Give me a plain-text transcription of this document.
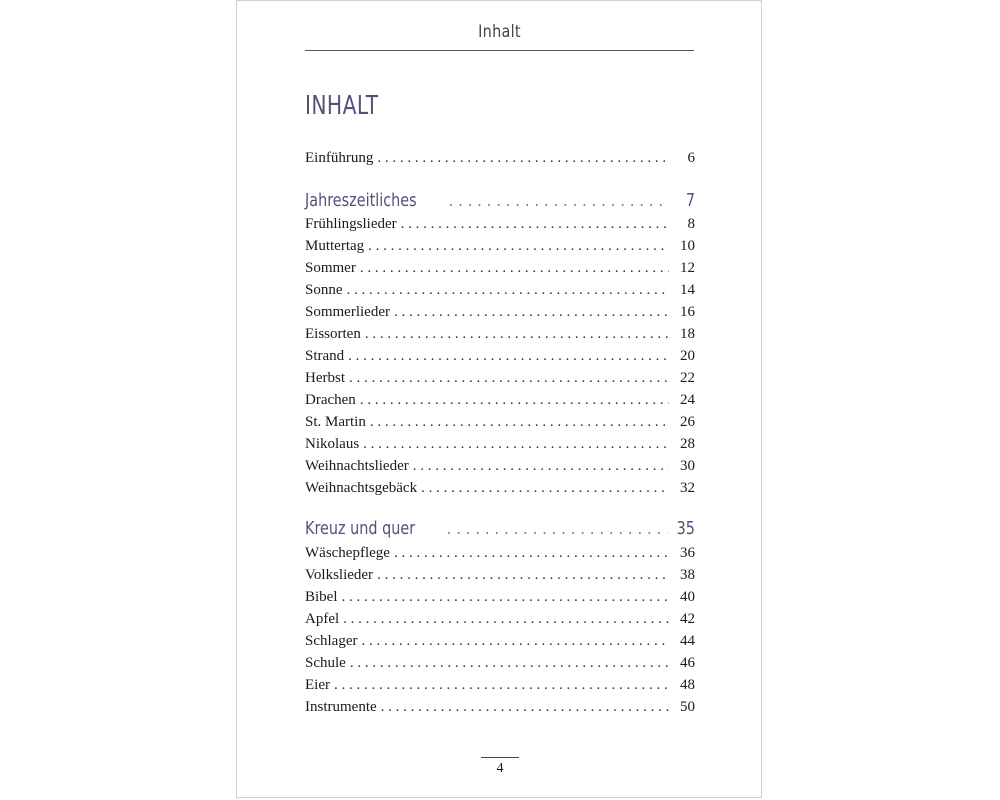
Inhalt
INHALT
Einführung . . .	6
Jahreszeitliches . . .	7
Frühlingslieder . . .	8
Muttertag . . .	10
Sommer . . .	12
Sonne . . .	14
Sommerlieder . . .	16
Eissorten . . .	18
Strand . . .	20
Herbst . . .	22
Drachen . . .	24
St. Martin . . .	26
Nikolaus . . .	28
Weihnachtslieder . . .	30
Weihnachtsgebäck . . .	32
Kreuz und quer . . .	35
Wäschepflege . . .	36
Volkslieder . . .	38
Bibel . . .	40
Apfel . . .	42
Schlager . . .	44
Schule . . .	46
Eier . . .	48
Instrumente . . .	50
4
